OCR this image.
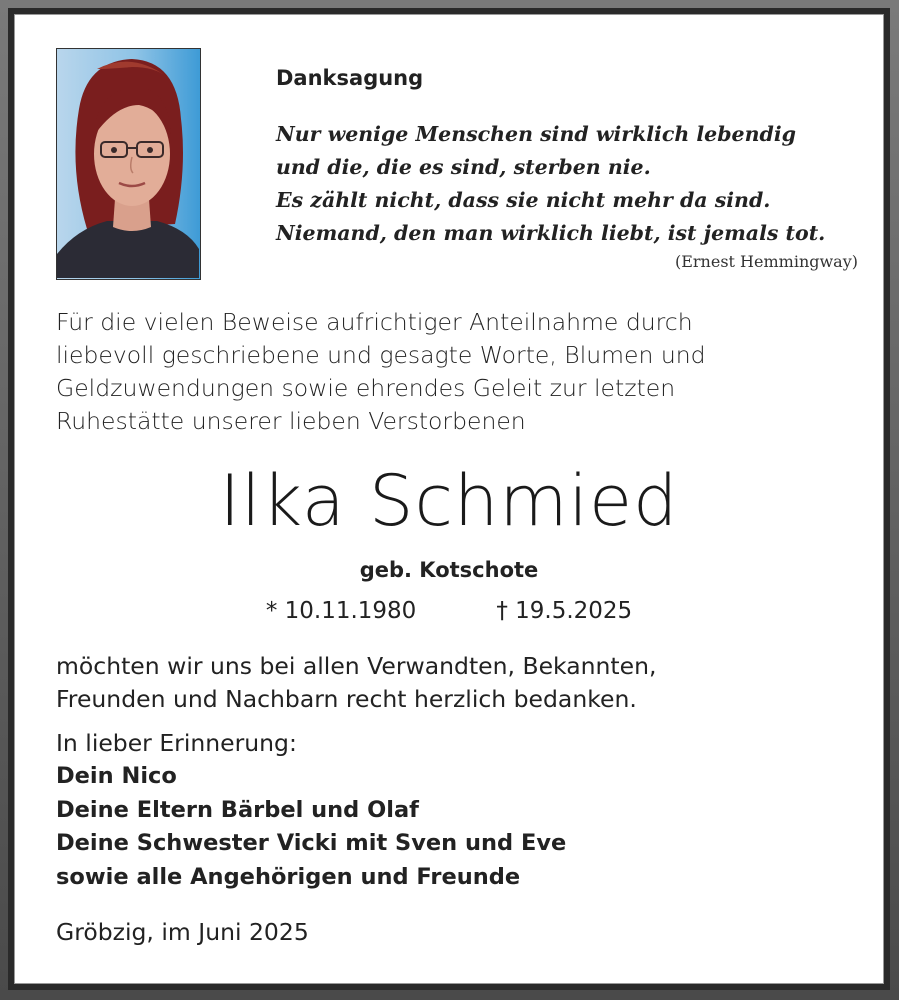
Danksagung
Nur wenige Menschen sind wirklich lebendig
und die, die es sind, sterben nie.
Es zählt nicht, dass sie nicht mehr da sind.
Niemand, den man wirklich liebt, ist jemals tot.
(Ernest Hemmingway)
Für die vielen Beweise aufrichtiger Anteilnahme durch
liebevoll geschriebene und gesagte Worte, Blumen und
Geldzuwendungen sowie ehrendes Geleit zur letzten
Ruhestätte unserer lieben Verstorbenen
Ilka Schmied
geb. Kotschote
* 10.11.1980	† 19.5.2025
möchten wir uns bei allen Verwandten, Bekannten,
Freunden und Nachbarn recht herzlich bedanken.
In lieber Erinnerung:
Dein Nico
Deine Eltern Bärbel und Olaf
Deine Schwester Vicki mit Sven und Eve
sowie alle Angehörigen und Freunde
Gröbzig, im Juni 2025
